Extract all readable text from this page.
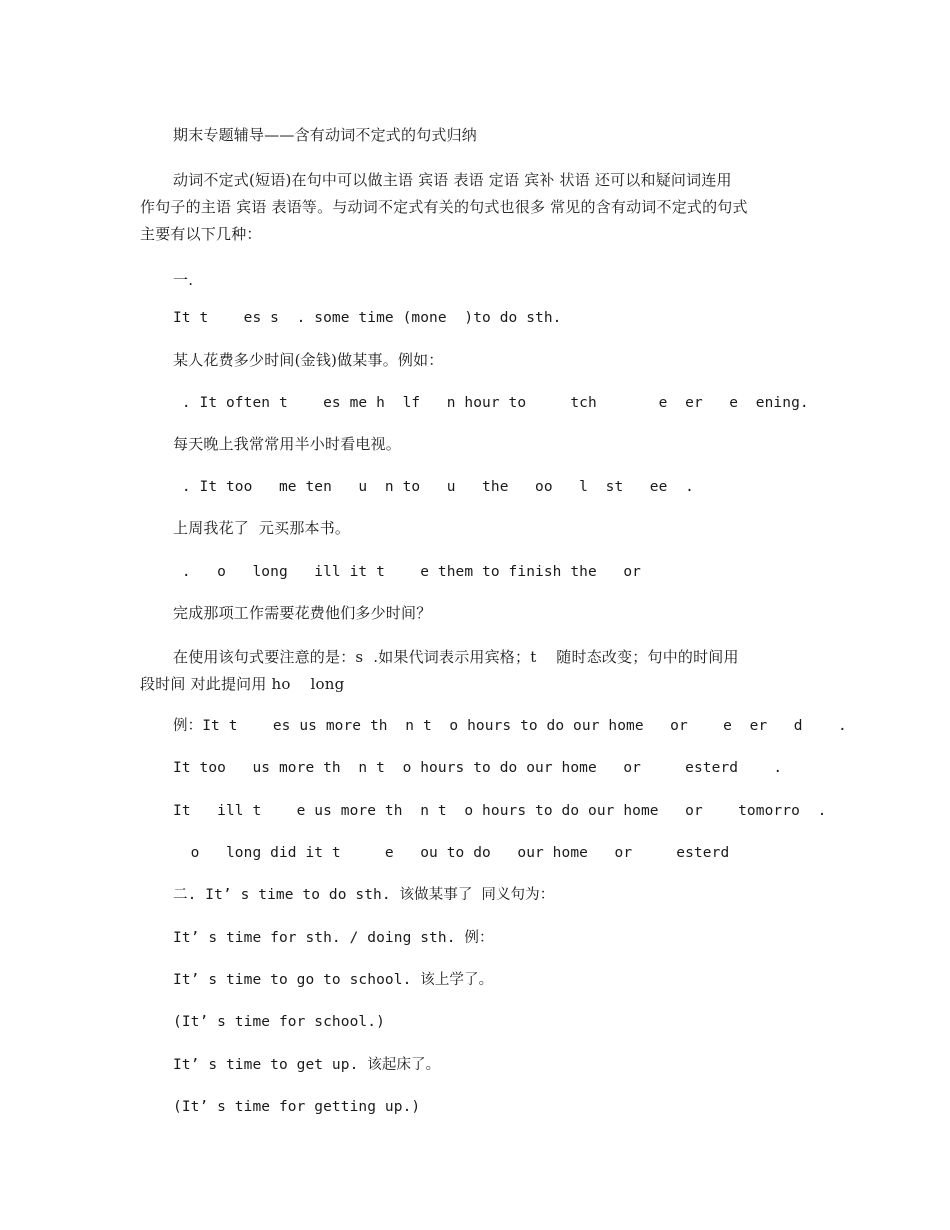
期末专题辅导——含有动词不定式的句式归纳
动词不定式(短语)在句中可以做主语 宾语 表语 定语 宾补 状语 还可以和疑问词连用
作句子的主语 宾语 表语等。与动词不定式有关的句式也很多 常见的含有动词不定式的句式
主要有以下几种：
一.
It t    es s  . some time (mone  )to do sth.
某人花费多少时间(金钱)做某事。例如：
. It often t    es me h  lf   n hour to     tch       e  er   e  ening.
每天晚上我常常用半小时看电视。
. It too   me ten   u  n to   u   the   oo   l  st   ee  .
上周我花了  元买那本书。
.   o   long   ill it t    e them to finish the   or
完成那项工作需要花费他们多少时间？
在使用该句式要注意的是：s  .如果代词表示用宾格；t    随时态改变；句中的时间用
段时间 对此提问用 ho    long
例：It t    es us more th  n t  o hours to do our home   or    e  er   d    .
It too   us more th  n t  o hours to do our home   or     esterd    .
It   ill t    e us more th  n t  o hours to do our home   or    tomorro  .
o   long did it t     e   ou to do   our home   or     esterd
二. It’ s time to do sth. 该做某事了 同义句为：
It’ s time for sth. / doing sth. 例：
It’ s time to go to school. 该上学了。
(It’ s time for school.)
It’ s time to get up. 该起床了。
(It’ s time for getting up.)
